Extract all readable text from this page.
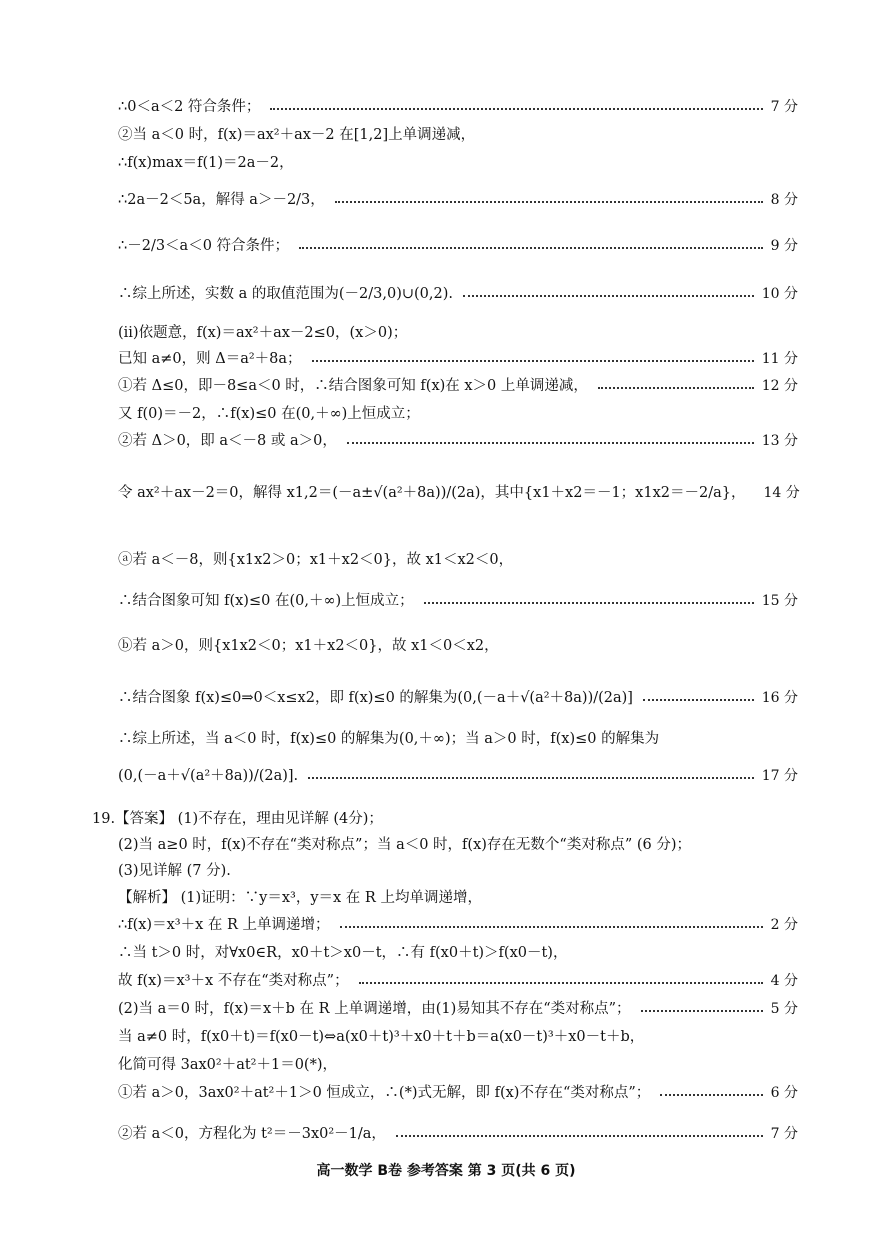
∴0＜a＜2 符合条件；	7 分
②当 a＜0 时，f(x)＝ax²＋ax－2 在[1,2]上单调递减，
∴f(x)max＝f(1)＝2a－2，
∴2a－2＜5a，解得 a＞－2/3，	8 分
∴－2/3＜a＜0 符合条件；	9 分
∴综上所述，实数 a 的取值范围为(－2/3,0)∪(0,2).	10 分
(ii)依题意，f(x)＝ax²＋ax－2≤0，(x＞0)；
已知 a≠0，则 Δ＝a²＋8a；	11 分
①若 Δ≤0，即－8≤a＜0 时，∴结合图象可知 f(x)在 x＞0 上单调递减，	12 分
又 f(0)＝－2，∴f(x)≤0 在(0,＋∞)上恒成立；
②若 Δ＞0，即 a＜－8 或 a＞0，	13 分
令 ax²＋ax－2＝0，解得 x1,2＝(－a±√(a²＋8a))/(2a)，其中{x1＋x2＝－1；x1x2＝－2/a}， 14 分
ⓐ若 a＜－8，则{x1x2＞0；x1＋x2＜0}，故 x1＜x2＜0，
∴结合图象可知 f(x)≤0 在(0,＋∞)上恒成立；	15 分
ⓑ若 a＞0，则{x1x2＜0；x1＋x2＜0}，故 x1＜0＜x2，
∴结合图象 f(x)≤0⇒0＜x≤x2，即 f(x)≤0 的解集为(0,(－a＋√(a²＋8a))/(2a)]	16 分
∴综上所述，当 a＜0 时，f(x)≤0 的解集为(0,＋∞)；当 a＞0 时，f(x)≤0 的解集为
(0,(－a＋√(a²＋8a))/(2a)].	17 分
19.【答案】 (1)不存在，理由见详解 (4分)；
(2)当 a≥0 时，f(x)不存在“类对称点”；当 a＜0 时，f(x)存在无数个“类对称点” (6 分)；
(3)见详解 (7 分).
【解析】 (1)证明：∵y＝x³，y＝x 在 R 上均单调递增，
∴f(x)＝x³＋x 在 R 上单调递增；	2 分
∴当 t＞0 时，对∀x0∈R，x0＋t＞x0－t，∴有 f(x0＋t)＞f(x0－t)，
故 f(x)＝x³＋x 不存在“类对称点”；	4 分
(2)当 a＝0 时，f(x)＝x＋b 在 R 上单调递增，由(1)易知其不存在“类对称点”；	5 分
当 a≠0 时，f(x0＋t)＝f(x0－t)⇔a(x0＋t)³＋x0＋t＋b＝a(x0－t)³＋x0－t＋b，
化简可得 3ax0²＋at²＋1＝0(*)，
①若 a＞0，3ax0²＋at²＋1＞0 恒成立，∴(*)式无解，即 f(x)不存在“类对称点”；	6 分
②若 a＜0，方程化为 t²＝－3x0²－1/a，	7 分
高一数学 B卷 参考答案 第 3 页(共 6 页)
